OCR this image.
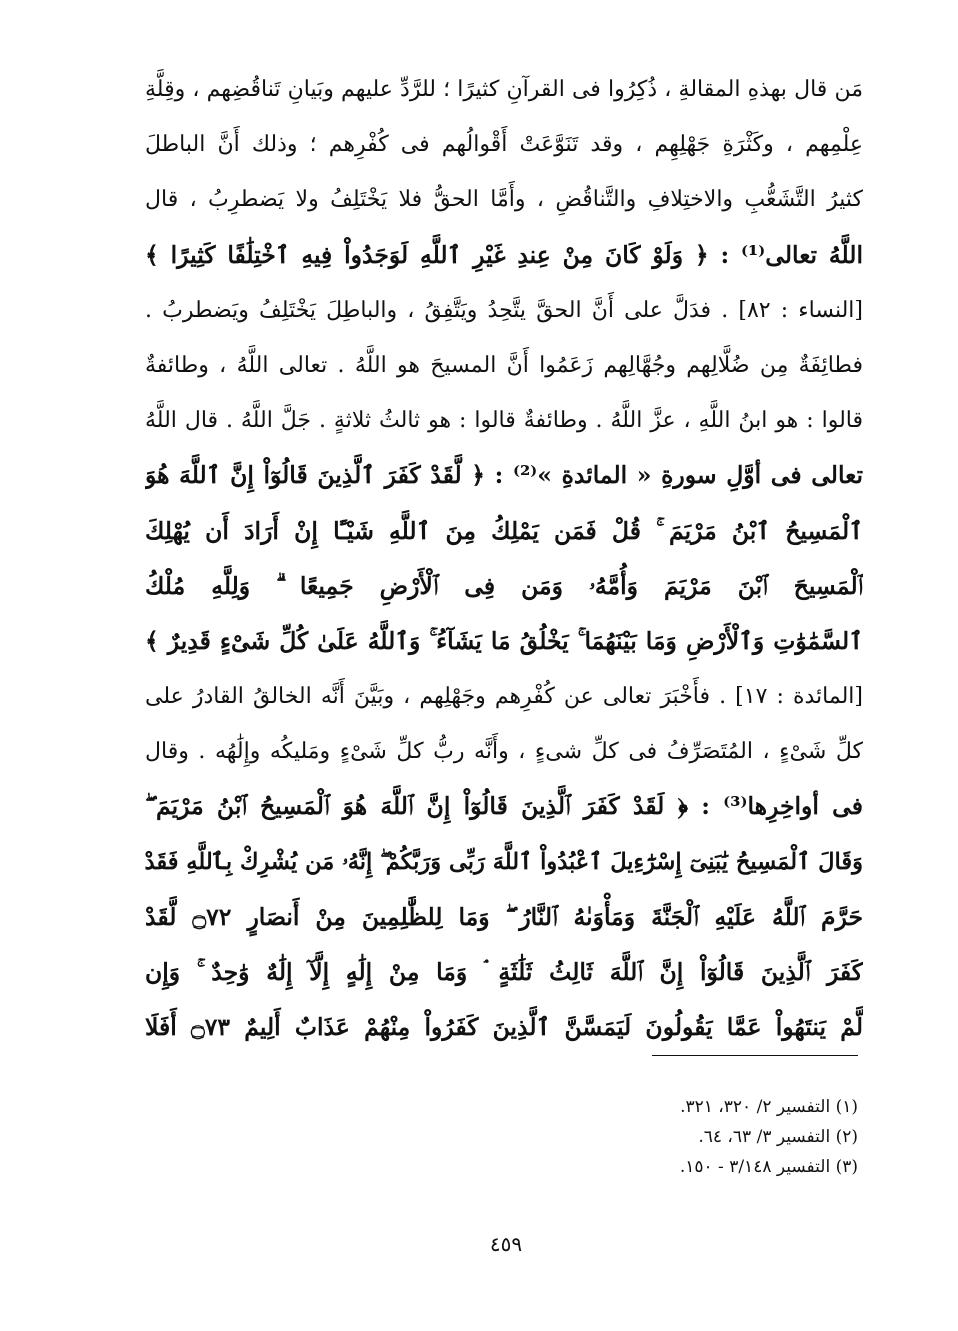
مَن قال بهذهِ المقالةِ ، ذُكِرُوا فى القرآنِ كثيرًا ؛ للرَّدِّ عليهم وبَيانِ تَناقُضِهم ، وقِلَّةِ
عِلْمِهم ، وكَثْرَةِ جَهْلِهِم ، وقد تَنَوَّعَتْ أَقْوالُهم فى كُفْرِهم ؛ وذلك أَنَّ الباطلَ
كثيرُ التَّشَعُّبِ والاختِلافِ والتَّناقُضِ ، وأَمَّا الحقُّ فلا يَخْتَلِفُ ولا يَضطرِبُ ، قال
اللَّهُ تعالى⁽¹⁾ : ﴿ وَلَوْ كَانَ مِنْ عِندِ غَيْرِ ٱللَّهِ لَوَجَدُواْ فِيهِ ٱخْتِلَٰفًا كَثِيرًا ﴾
[النساء : ٨٢] . فدَلَّ على أَنَّ الحقَّ يتَّحِدُ ويَتَّفِقُ ، والباطِلَ يَخْتَلِفُ ويَضطربُ .
فطائِفَةٌ مِن ضُلَّالِهم وجُهَّالِهم زَعَمُوا أَنَّ المسيحَ هو اللَّهُ . تعالى اللَّهُ ، وطائفةٌ
قالوا : هو ابنُ اللَّهِ ، عزَّ اللَّهُ . وطائفةٌ قالوا : هو ثالثُ ثلاثةٍ . جَلَّ اللَّهُ . قال اللَّهُ
تعالى فى أوَّلِ سورةِ « المائدةِ »⁽²⁾ : ﴿ لَّقَدْ كَفَرَ ٱلَّذِينَ قَالُوٓاْ إِنَّ ٱللَّهَ هُوَ
ٱلْمَسِيحُ ٱبْنُ مَرْيَمَ ۚ قُلْ فَمَن يَمْلِكُ مِنَ ٱللَّهِ شَيْـًٔا إِنْ أَرَادَ أَن يُهْلِكَ
ٱلْمَسِيحَ ٱبْنَ مَرْيَمَ وَأُمَّهُۥ وَمَن فِى ٱلْأَرْضِ جَمِيعًا ۗ وَلِلَّهِ مُلْكُ
ٱلسَّمَٰوَٰتِ وَٱلْأَرْضِ وَمَا بَيْنَهُمَا ۚ يَخْلُقُ مَا يَشَآءُ ۚ وَٱللَّهُ عَلَىٰ كُلِّ شَىْءٍ قَدِيرٌ ﴾
[المائدة : ١٧] . فأَخْبَرَ تعالى عن كُفْرِهم وجَهْلِهم ، وبَيَّنَ أَنَّه الخالقُ القادرُ على
كلِّ شَىْءٍ ، المُتَصَرِّفُ فى كلِّ شىءٍ ، وأَنَّه ربُّ كلِّ شَىْءٍ ومَليكُه وإِلَٰهُه . وقال
فى أواخِرِها⁽³⁾ : ﴿ لَقَدْ كَفَرَ ٱلَّذِينَ قَالُوٓاْ إِنَّ ٱللَّهَ هُوَ ٱلْمَسِيحُ ٱبْنُ مَرْيَمَ ۖ
وَقَالَ ٱلْمَسِيحُ يَٰبَنِىٓ إِسْرَٰٓءِيلَ ٱعْبُدُواْ ٱللَّهَ رَبِّى وَرَبَّكُمْ ۖ إِنَّهُۥ مَن يُشْرِكْ بِٱللَّهِ فَقَدْ
حَرَّمَ ٱللَّهُ عَلَيْهِ ٱلْجَنَّةَ وَمَأْوَىٰهُ ٱلنَّارُ ۖ وَمَا لِلظَّٰلِمِينَ مِنْ أَنصَارٍ ۝٧٢ لَّقَدْ
كَفَرَ ٱلَّذِينَ قَالُوٓاْ إِنَّ ٱللَّهَ ثَالِثُ ثَلَٰثَةٍ ۘ وَمَا مِنْ إِلَٰهٍ إِلَّآ إِلَٰهٌ وَٰحِدٌ ۚ وَإِن
لَّمْ يَنتَهُواْ عَمَّا يَقُولُونَ لَيَمَسَّنَّ ٱلَّذِينَ كَفَرُواْ مِنْهُمْ عَذَابٌ أَلِيمٌ ۝٧٣ أَفَلَا
(١) التفسير ٢/ ٣٢٠، ٣٢١.
(٢) التفسير ٣/ ٦٣، ٦٤.
(٣) التفسير ٣/١٤٨ - ١٥٠.
٤٥٩
